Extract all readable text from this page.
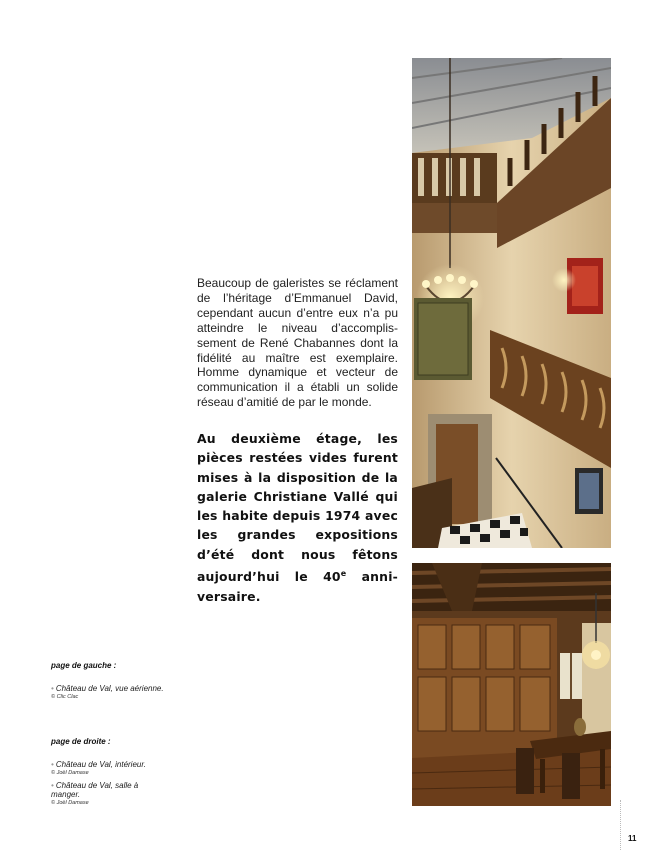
Beaucoup de galeristes se réclament de l’héritage d’Emmanuel David, cependant aucun d’entre eux n’a pu atteindre le niveau d’accomplis-sement de René Chabannes dont la fidélité au maître est exemplaire. Homme dynamique et vecteur de communication il a établi un solide réseau d’amitié de par le monde.

Au deuxième étage, les pièces restées vides furent mises à la disposition de la galerie Christiane Vallé qui les habite depuis 1974 avec les grandes expositions d’été dont nous fêtons aujourd’hui le 40e anni-versaire.

page de gauche :

• Château de Val, vue aérienne.

© Clic Clac

page de droite :

• Château de Val, intérieur.

© Joël Damase

• Château de Val, salle à manger.

© Joël Damase

11
